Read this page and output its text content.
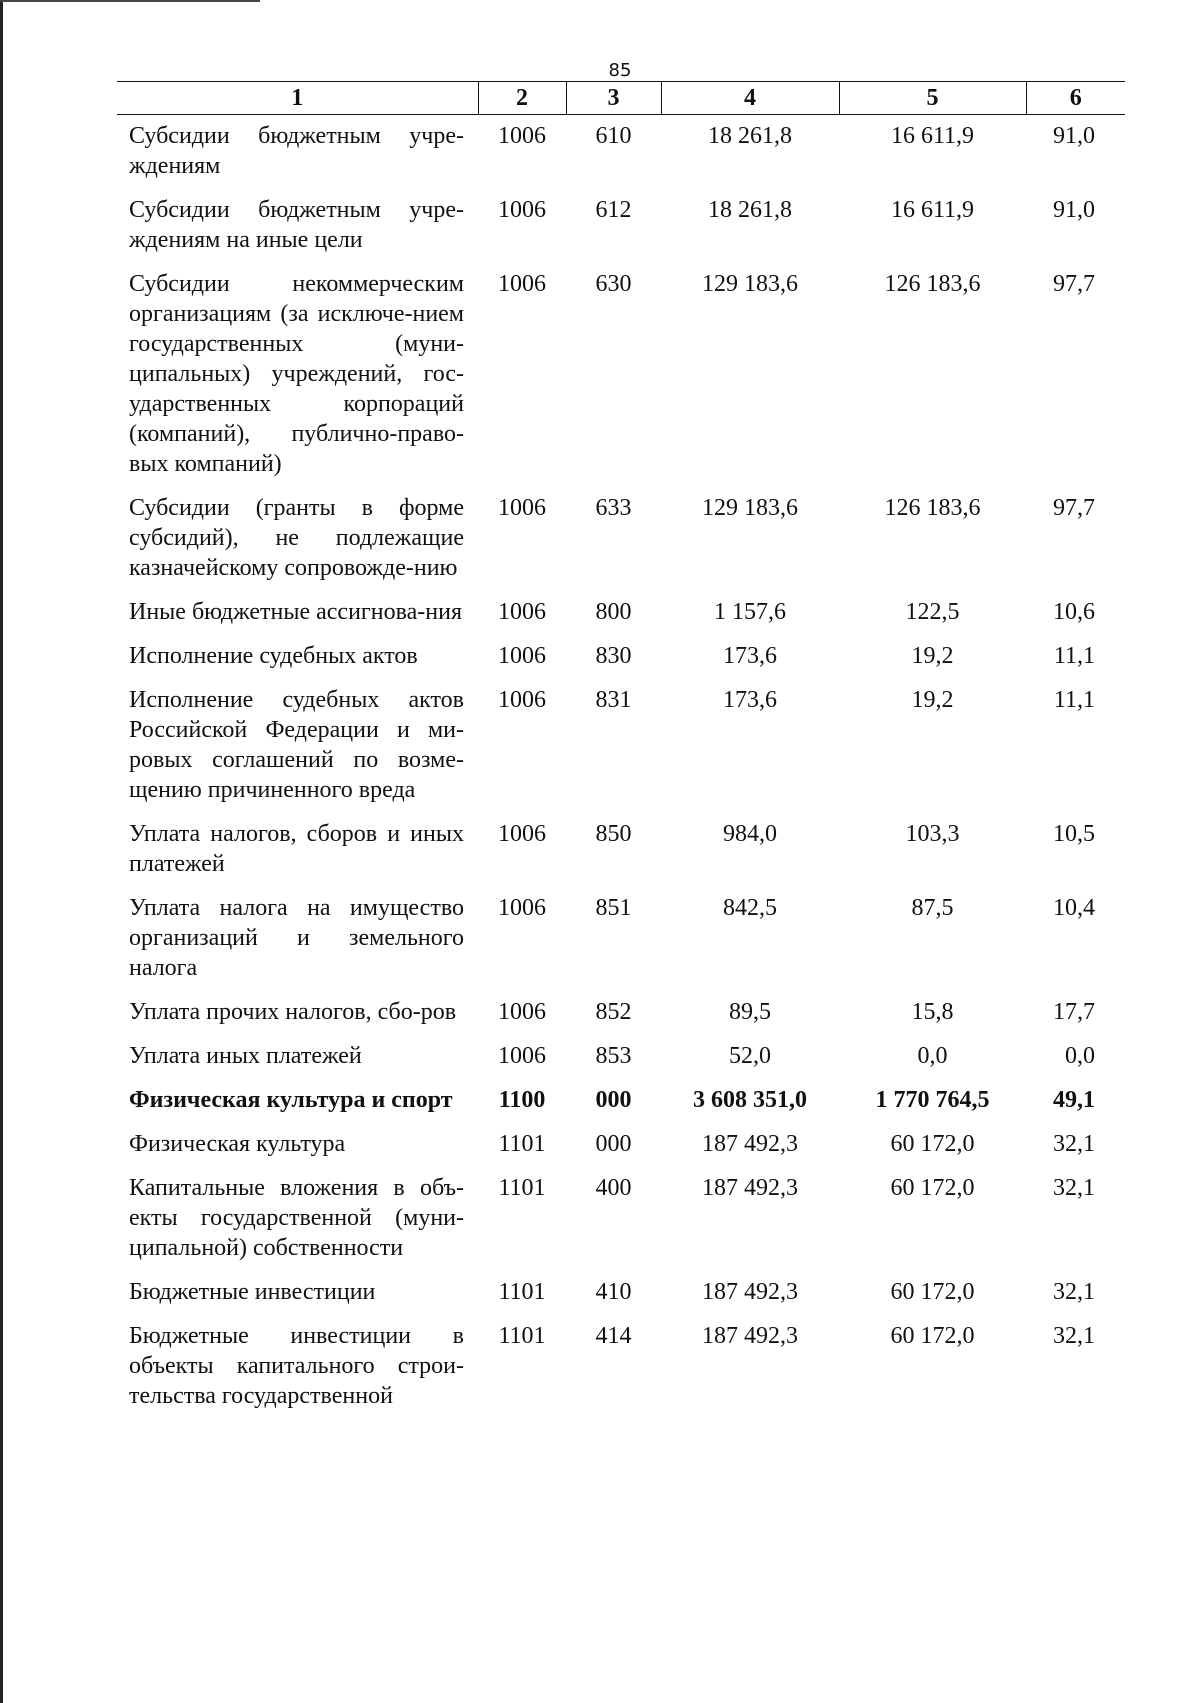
85
1	2	3	4	5	6
Субсидии бюджетным учре- ждениям	1006	610	18 261,8	16 611,9	91,0
Субсидии бюджетным учре- ждениям на иные цели	1006	612	18 261,8	16 611,9	91,0
Субсидии некоммерческим организациям (за исключе-нием государственных (муни-ципальных) учреждений, гос-ударственных корпораций (компаний), публично-право-вых компаний)	1006	630	129 183,6	126 183,6	97,7
Субсидии (гранты в форме субсидий), не подлежащие казначейскому сопровожде-нию	1006	633	129 183,6	126 183,6	97,7
Иные бюджетные ассигнова-ния	1006	800	1 157,6	122,5	10,6
Исполнение судебных актов	1006	830	173,6	19,2	11,1
Исполнение судебных актов Российской Федерации и ми-ровых соглашений по возме-щению причиненного вреда	1006	831	173,6	19,2	11,1
Уплата налогов, сборов и иных платежей	1006	850	984,0	103,3	10,5
Уплата налога на имущество организаций и земельного налога	1006	851	842,5	87,5	10,4
Уплата прочих налогов, сбо-ров	1006	852	89,5	15,8	17,7
Уплата иных платежей	1006	853	52,0	0,0	0,0
Физическая культура и спорт	1100	000	3 608 351,0	1 770 764,5	49,1
Физическая культура	1101	000	187 492,3	60 172,0	32,1
Капитальные вложения в объ-екты государственной (муни-ципальной) собственности	1101	400	187 492,3	60 172,0	32,1
Бюджетные инвестиции	1101	410	187 492,3	60 172,0	32,1
Бюджетные инвестиции в объекты капитального строи-тельства государственной	1101	414	187 492,3	60 172,0	32,1
